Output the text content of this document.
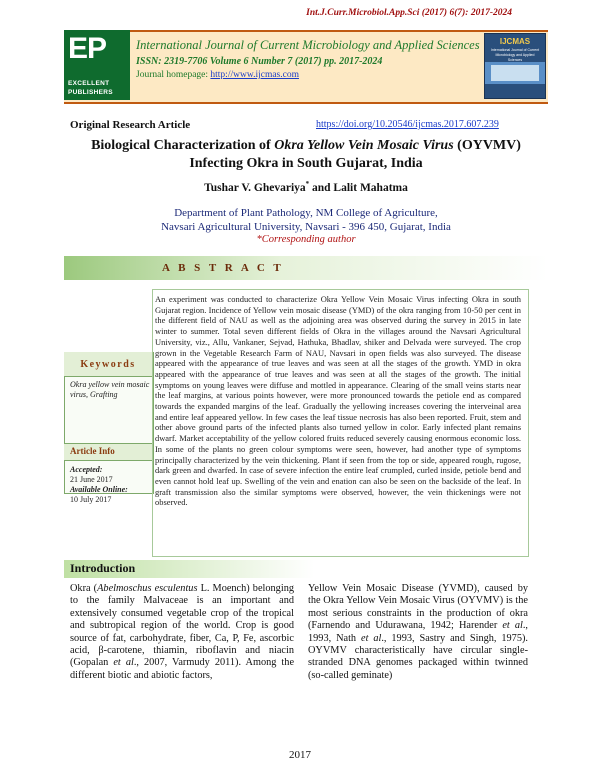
Int.J.Curr.Microbiol.App.Sci (2017) 6(7): 2017-2024
EP
EXCELLENT
PUBLISHERS
International Journal of Current Microbiology and Applied Sciences
ISSN: 2319-7706 Volume 6 Number 7 (2017) pp. 2017-2024
Journal homepage: http://www.ijcmas.com
IJCMAS
International Journal of Current Microbiology and Applied Sciences
Original Research Article	https://doi.org/10.20546/ijcmas.2017.607.239
Biological Characterization of Okra Yellow Vein Mosaic Virus (OYVMV)
Infecting Okra in South Gujarat, India
Tushar V. Ghevariya* and Lalit Mahatma
Department of Plant Pathology, NM College of Agriculture,
Navsari Agricultural University, Navsari - 396 450, Gujarat, India
*Corresponding author
A B S T R A C T
Keywords
Okra yellow vein mosaic virus, Grafting
Article Info
Accepted:
21 June 2017
Available Online:
10 July 2017
An experiment was conducted to characterize Okra Yellow Vein Mosaic Virus infecting Okra in south Gujarat region. Incidence of Yellow vein mosaic disease (YMD) of the okra ranging from 10-50 per cent in the different field of NAU as well as the adjoining area was observed during the survey in 2015 in late winter to summer. Total seven different fields of Okra in the villages around the Navsari Agricultural University, viz., Allu, Vankaner, Sejvad, Hathuka, Bhadlav, shiker and Delvada were surveyed. The crop grown in the Vegetable Research Farm of NAU, Navsari in open fields was also surveyed. The disease appeared with the appearance of true leaves and was seen at all the stages of the growth. YMD in okra appeared with the appearance of true leaves and was seen at all the stages of the growth. The initial symptoms on young leaves were diffuse and mottled in appearance. Clearing of the small veins starts near the leaf margins, at various points however, were more pronounced towards the petiole end as compared towards the expanded margins of the leaf. Gradually the yellowing increases covering the interveinal area and entire leaf appeared yellow. In few cases the leaf tissue necrosis has also been reported. Fruit, stem and other above ground parts of the infected plants also turned yellow in color. Early infected plant remains dwarf. Market acceptability of the yellow colored fruits reduced severely causing enormous economic loss. In some of the plants no green colour symptoms were seen, however, had another type of symptoms principally characterized by the vein thickening. Plant if seen from the top or side, appeared rough, rugose, dark green and dwarfed. In case of severe infection the entire leaf crumpled, curled inside, petiole bend and even cannot hold leaf up. Swelling of the vein and enation can also be seen on the backside of the leaf. In graft transmission also the similar symptoms were observed, however, the vein thickenings were not observed.
Introduction
Okra (Abelmoschus esculentus L. Moench) belonging to the family Malvaceae is an important and extensively consumed vegetable crop of the tropical and subtropical region of the world. Crop is good source of fat, carbohydrate, fiber, Ca, P, Fe, ascorbic acid, β-carotene, thiamin, riboflavin and niacin (Gopalan et al., 2007, Varmudy 2011). Among the different biotic and abiotic factors,
Yellow Vein Mosaic Disease (YVMD), caused by the Okra Yellow Vein Mosaic Virus (OYVMV) is the most serious constraints in the production of okra (Farnendo and Udurawana, 1942; Harender et al., 1993, Nath et al., 1993, Sastry and Singh, 1975). OYVMV characteristically have circular single-stranded DNA genomes packaged within twinned (so-called geminate)
2017
